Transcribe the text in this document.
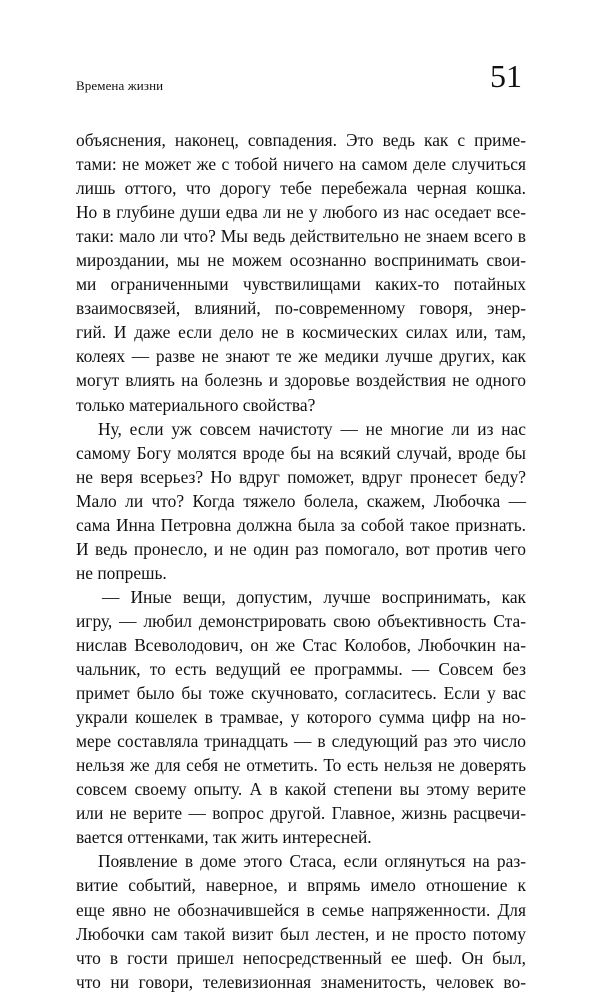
Времена жизни	51
объяснения, наконец, совпадения. Это ведь как с приме-
тами: не может же с тобой ничего на самом деле случиться
лишь оттого, что дорогу тебе перебежала черная кошка.
Но в глубине души едва ли не у любого из нас оседает все-
таки: мало ли что? Мы ведь действительно не знаем всего в
мироздании, мы не можем осознанно воспринимать свои-
ми ограниченными чувствилищами каких-то потайных
взаимосвязей, влияний, по-современному говоря, энер-
гий. И даже если дело не в космических силах или, там,
колеях — разве не знают те же медики лучше других, как
могут влиять на болезнь и здоровье воздействия не одного
только материального свойства?
Ну, если уж совсем начистоту — не многие ли из нас
самому Богу молятся вроде бы на всякий случай, вроде бы
не веря всерьез? Но вдруг поможет, вдруг пронесет беду?
Мало ли что? Когда тяжело болела, скажем, Любочка —
сама Инна Петровна должна была за собой такое признать.
И ведь пронесло, и не один раз помогало, вот против чего
не попрешь.
— Иные вещи, допустим, лучше воспринимать, как
игру, — любил демонстрировать свою объективность Ста-
нислав Всеволодович, он же Стас Колобов, Любочкин на-
чальник, то есть ведущий ее программы. — Совсем без
примет было бы тоже скучновато, согласитесь. Если у вас
украли кошелек в трамвае, у которого сумма цифр на но-
мере составляла тринадцать — в следующий раз это число
нельзя же для себя не отметить. То есть нельзя не доверять
совсем своему опыту. А в какой степени вы этому верите
или не верите — вопрос другой. Главное, жизнь расцвечи-
вается оттенками, так жить интересней.
Появление в доме этого Стаса, если оглянуться на раз-
витие событий, наверное, и впрямь имело отношение к
еще явно не обозначившейся в семье напряженности. Для
Любочки сам такой визит был лестен, и не просто потому
что в гости пришел непосредственный ее шеф. Он был,
что ни говори, телевизионная знаменитость, человек во-
